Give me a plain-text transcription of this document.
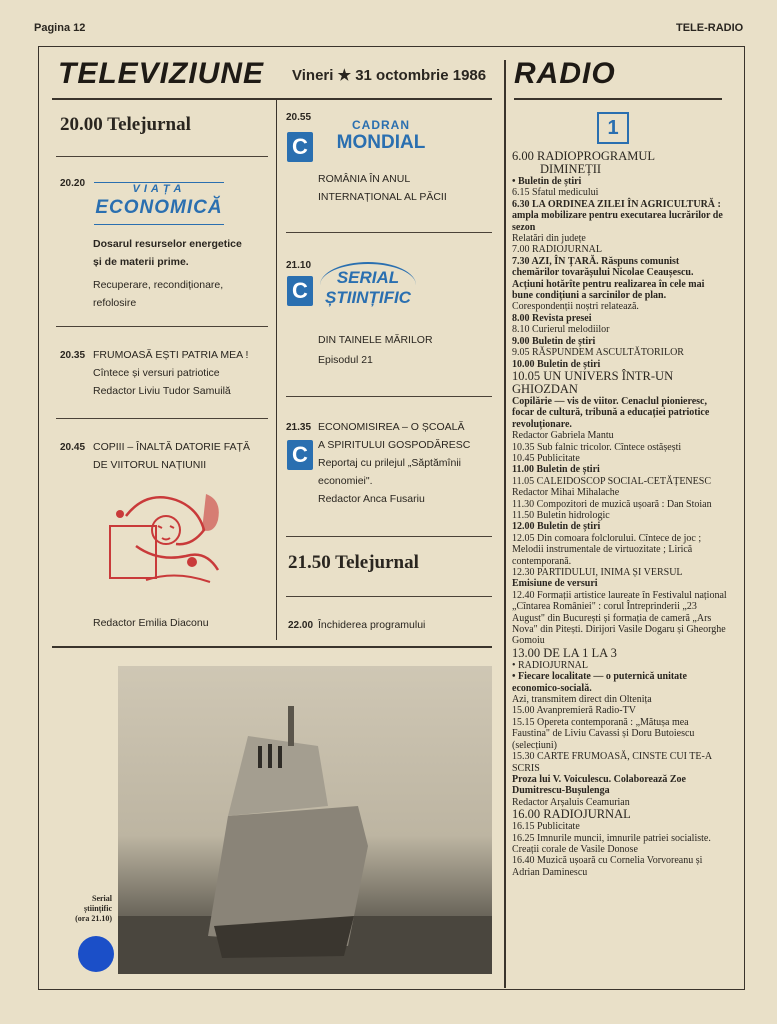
Pagina 12	TELE-RADIO
TELEVIZIUNE Vineri ★ 31 octombrie 1986
20.00 Telejurnal
20.20	VIAȚA
ECONOMICĂ
Dosarul resurselor energetice
și de materii prime.
Recuperare, recondiționare,
refolosire
20.35 FRUMOASĂ EȘTI PATRIA MEA !
Cîntece și versuri patriotice
Redactor Liviu Tudor Samuilă
20.45 COPIII – ÎNALTĂ DATORIE FAȚĂ
DE VIITORUL NAȚIUNII
Redactor Emilia Diaconu
20.55
C
CADRAN
MONDIAL
ROMÂNIA ÎN ANUL
INTERNAȚIONAL AL PĂCII
21.10
C
SERIAL
ȘTIINȚIFIC
DIN TAINELE MĂRILOR
Episodul 21
21.35 ECONOMISIREA – O ȘCOALĂ
A SPIRITULUI GOSPODĂRESC
Reportaj cu prilejul „Săptămînii
economiei".
Redactor Anca Fusariu
C
21.50 Telejurnal
22.00 Închiderea programului
Serial
științific
(ora 21.10)
RADIO
1
6.00 RADIOPROGRAMUL
DIMINEȚII
• Buletin de știri
6.15 Sfatul medicului
6.30 LA ORDINEA ZILEI ÎN AGRICULTURĂ : ampla mobilizare pentru executarea lucrărilor de sezon
Relatări din județe
7.00 RADIOJURNAL
7.30 AZI, ÎN ȚARĂ. Răspuns comunist chemărilor tovarășului Nicolae Ceaușescu. Acțiuni hotărîte pentru realizarea în cele mai bune condițiuni a sarcinilor de plan.
Corespondenții noștri relatează.
8.00 Revista presei
8.10 Curierul melodiilor
9.00 Buletin de știri
9.05 RĂSPUNDEM ASCULTĂTORILOR
10.00 Buletin de știri
10.05 UN UNIVERS ÎNTR-UN GHIOZDAN
Copilărie — vis de viitor. Cenaclul pionieresc, focar de cultură, tribună a educației patriotice revoluționare.
Redactor Gabriela Mantu
10.35 Sub falnic tricolor. Cîntece ostășești
10.45 Publicitate
11.00 Buletin de știri
11.05 CALEIDOSCOP SOCIAL-CETĂȚENESC
Redactor Mihai Mihalache
11.30 Compozitori de muzică ușoară : Dan Stoian
11.50 Buletin hidrologic
12.00 Buletin de știri
12.05 Din comoara folclorului. Cîntece de joc ; Melodii instrumentale de virtuozitate ; Lirică contemporană.
12.30 PARTIDULUI, INIMA ȘI VERSUL
Emisiune de versuri
12.40 Formații artistice laureate în Festivalul național „Cîntarea României" : corul Întreprinderii „23 August" din București și formația de cameră „Ars Nova" din Pitești. Dirijori Vasile Dogaru și Gheorghe Gomoiu
13.00 DE LA 1 LA 3
• RADIOJURNAL
• Fiecare localitate — o puternică unitate economico-socială.
Azi, transmitem direct din Oltenița
15.00 Avanpremieră Radio-TV
15.15 Opereta contemporană : „Mătușa mea Faustina" de Liviu Cavassi și Doru Butoiescu (selecțiuni)
15.30 CARTE FRUMOASĂ, CINSTE CUI TE-A SCRIS
Proza lui V. Voiculescu. Colaborează Zoe Dumitrescu-Bușulenga
Redactor Arșaluis Ceamurian
16.00 RADIOJURNAL
16.15 Publicitate
16.25 Imnurile muncii, imnurile patriei socialiste. Creații corale de Vasile Donose
16.40 Muzică ușoară cu Cornelia Vorvoreanu și Adrian Daminescu
